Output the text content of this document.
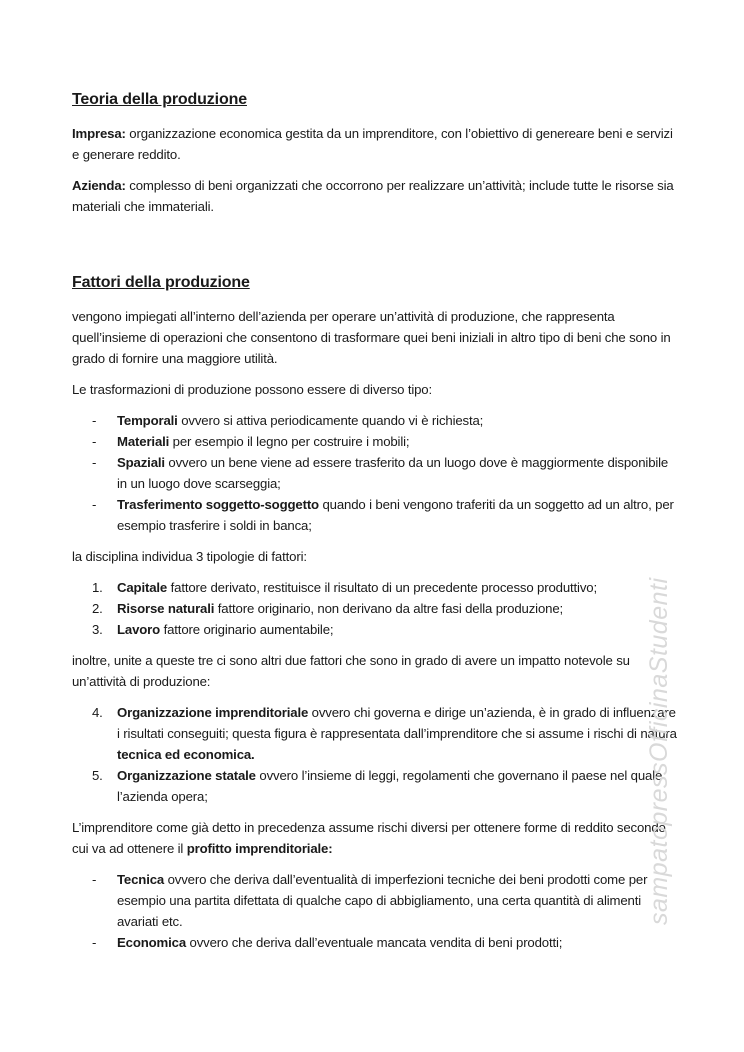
Teoria della produzione

Impresa: organizzazione economica gestita da un imprenditore, con l’obiettivo di genereare beni e servizi e generare reddito.

Azienda: complesso di beni organizzati che occorrono per realizzare un’attività; include tutte le risorse sia materiali che immateriali.

Fattori della produzione

vengono impiegati all’interno dell’azienda per operare un’attività di produzione, che rappresenta quell’insieme di operazioni che consentono di trasformare quei beni iniziali in altro tipo di beni che sono in grado di fornire una maggiore utilità.

Le trasformazioni di produzione possono essere di diverso tipo:

- Temporali ovvero si attiva periodicamente quando vi è richiesta;
- Materiali per esempio il legno per costruire i mobili;
- Spaziali ovvero un bene viene ad essere trasferito da un luogo dove è maggiormente disponibile in un luogo dove scarseggia;
- Trasferimento soggetto-soggetto quando i beni vengono traferiti da un soggetto ad un altro, per esempio trasferire i soldi in banca;

la disciplina individua 3 tipologie di fattori:

1. Capitale fattore derivato, restituisce il risultato di un precedente processo produttivo;
2. Risorse naturali fattore originario, non derivano da altre fasi della produzione;
3. Lavoro fattore originario aumentabile;

inoltre, unite a queste tre ci sono altri due fattori che sono in grado di avere un impatto notevole su un’attività di produzione:

4. Organizzazione imprenditoriale ovvero chi governa e dirige un’azienda, è in grado di influenzare i risultati conseguiti; questa figura è rappresentata dall’imprenditore che si assume i rischi di natura tecnica ed economica.
5. Organizzazione statale ovvero l’insieme di leggi, regolamenti che governano il paese nel quale l’azienda opera;

L’imprenditore come già detto in precedenza assume rischi diversi per ottenere forme di reddito secondo cui va ad ottenere il profitto imprenditoriale:

- Tecnica ovvero che deriva dall’eventualità di imperfezioni tecniche dei beni prodotti come per esempio una partita difettata di qualche capo di abbigliamento, una certa quantità di alimenti avariati etc.
- Economica ovvero che deriva dall’eventuale mancata vendita di beni prodotti;
sampatopressOfficinaStudenti
